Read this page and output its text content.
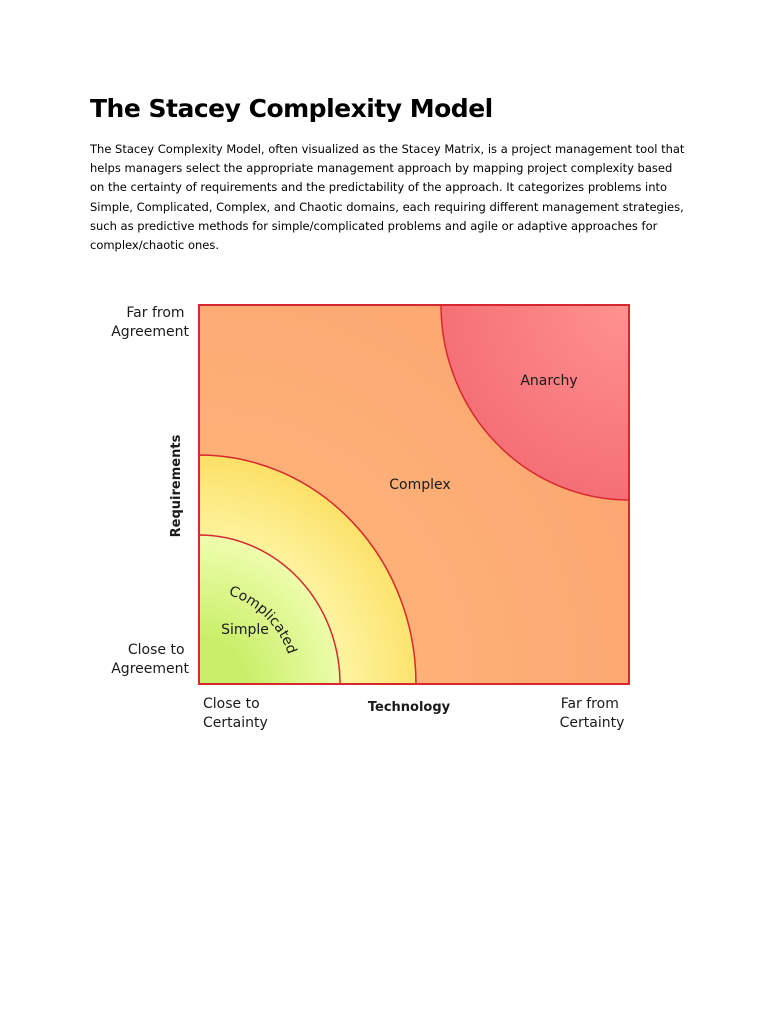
The Stacey Complexity Model

The Stacey Complexity Model, often visualized as the Stacey Matrix, is a project management tool that helps managers select the appropriate management approach by mapping project complexity based on the certainty of requirements and the predictability of the approach. It categorizes problems into Simple, Complicated, Complex, and Chaotic domains, each requiring different management strategies, such as predictive methods for simple/complicated problems and agile or adaptive approaches for complex/chaotic ones.

Anarchy
Complex
Simple
Complicated
Far from Agreement
Close to Agreement
Requirements
Close to Certainty
Technology	Far from Certainty
